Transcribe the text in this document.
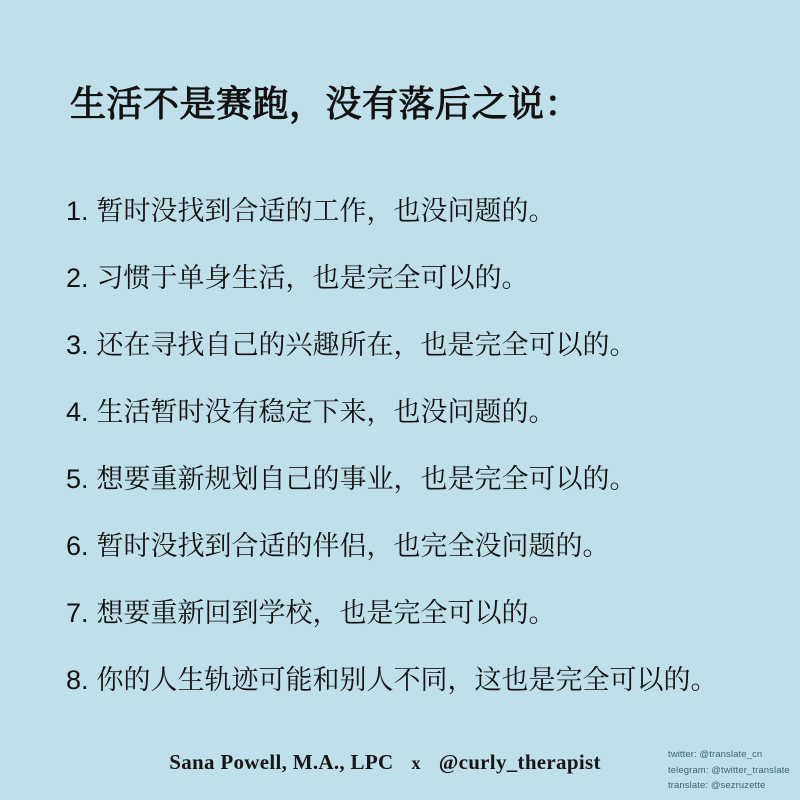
生活不是赛跑，没有落后之说：
1. 暂时没找到合适的工作，也没问题的。
2. 习惯于单身生活，也是完全可以的。
3. 还在寻找自己的兴趣所在，也是完全可以的。
4. 生活暂时没有稳定下来，也没问题的。
5. 想要重新规划自己的事业，也是完全可以的。
6. 暂时没找到合适的伴侣，也完全没问题的。
7. 想要重新回到学校，也是完全可以的。
8. 你的人生轨迹可能和别人不同，这也是完全可以的。
Sana Powell, M.A., LPC x @curly_therapist	twitter: @translate_cn
telegram: @twitter_translate
translate: @sezruzette
